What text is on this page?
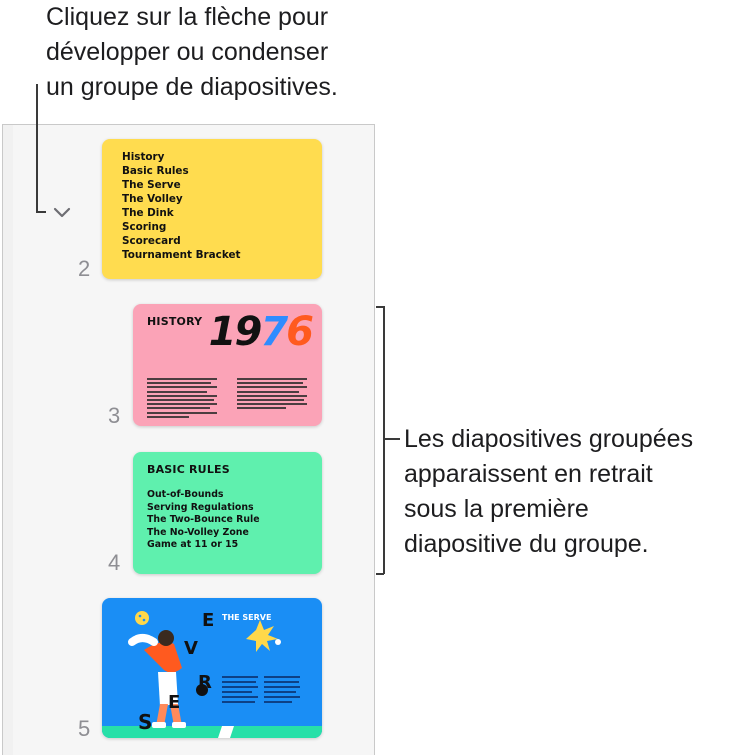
Cliquez sur la flèche pour
développer ou condenser
un groupe de diapositives.
Les diapositives groupées
apparaissent en retrait
sous la première
diapositive du groupe.
2
3
4
5
History
Basic Rules
The Serve
The Volley
The Dink
Scoring
Scorecard
Tournament Bracket
HISTORY 1976
BASIC RULES
Out-of-Bounds
Serving Regulations
The Two-Bounce Rule
The No-Volley Zone
Game at 11 or 15
THE SERVE
E
V
R
E
S
